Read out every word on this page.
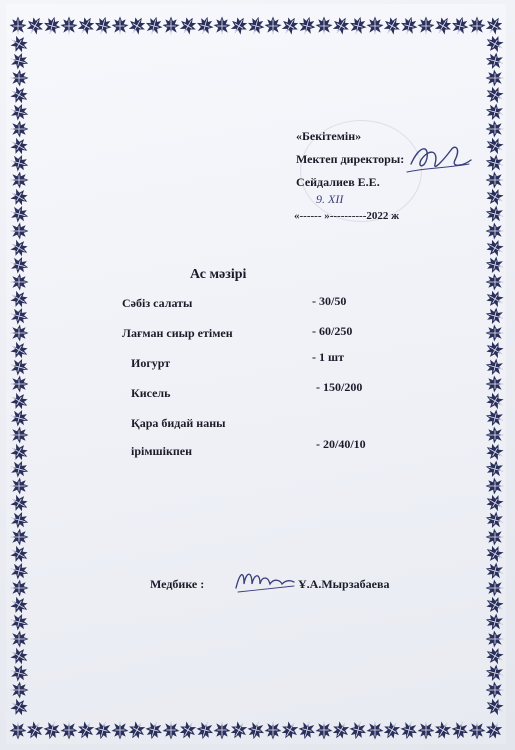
«Бекітемін»
Мектеп директоры:
Сейдалиев Е.Е.
9. XII
«------ »----------2022 ж
Ас мәзірі
Сәбіз салаты	- 30/50
Лағман сиыр етімен	- 60/250
Иогурт	- 1 шт
Кисель	- 150/200
Қара бидай наны
ірімшікпен	- 20/40/10
Медбике :	Ұ.А.Мырзабаева
